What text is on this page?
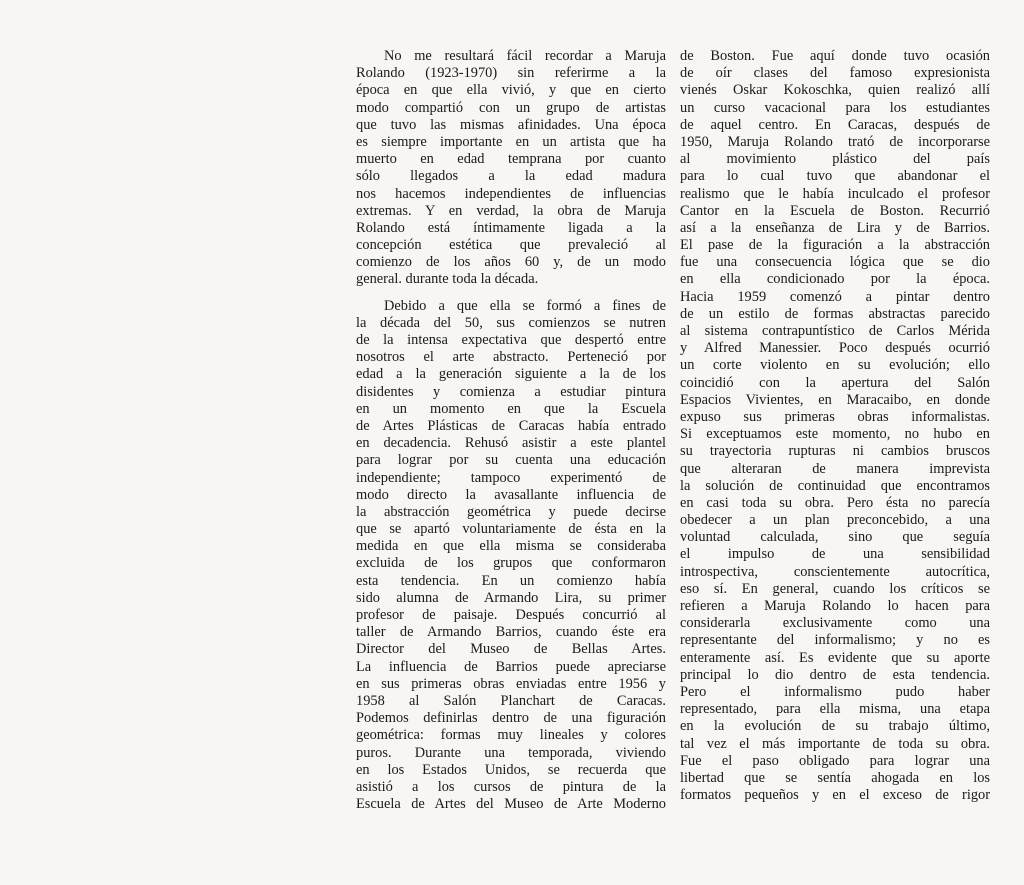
No me resultará fácil recordar a Maruja
Rolando (1923-1970) sin referirme a la
época en que ella vivió, y que en cierto
modo compartió con un grupo de artistas
que tuvo las mismas afinidades. Una época
es siempre importante en un artista que ha
muerto en edad temprana por cuanto
sólo llegados a la edad madura
nos hacemos independientes de influencias
extremas. Y en verdad, la obra de Maruja
Rolando está íntimamente ligada a la
concepción estética que prevaleció al
comienzo de los años 60 y, de un modo
general. durante toda la década.
Debido a que ella se formó a fines de
la década del 50, sus comienzos se nutren
de la intensa expectativa que despertó entre
nosotros el arte abstracto. Perteneció por
edad a la generación siguiente a la de los
disidentes y comienza a estudiar pintura
en un momento en que la Escuela
de Artes Plásticas de Caracas había entrado
en decadencia. Rehusó asistir a este plantel
para lograr por su cuenta una educación
independiente; tampoco experimentó de
modo directo la avasallante influencia de
la abstracción geométrica y puede decirse
que se apartó voluntariamente de ésta en la
medida en que ella misma se consideraba
excluida de los grupos que conformaron
esta tendencia. En un comienzo había
sido alumna de Armando Lira, su primer
profesor de paisaje. Después concurrió al
taller de Armando Barrios, cuando éste era
Director del Museo de Bellas Artes.
La influencia de Barrios puede apreciarse
en sus primeras obras enviadas entre 1956 y
1958 al Salón Planchart de Caracas.
Podemos definirlas dentro de una figuración
geométrica: formas muy lineales y colores
puros. Durante una temporada, viviendo
en los Estados Unidos, se recuerda que
asistió a los cursos de pintura de la
Escuela de Artes del Museo de Arte Moderno
de Boston. Fue aquí donde tuvo ocasión
de oír clases del famoso expresionista
vienés Oskar Kokoschka, quien realizó allí
un curso vacacional para los estudiantes
de aquel centro. En Caracas, después de
1950, Maruja Rolando trató de incorporarse
al movimiento plástico del país
para lo cual tuvo que abandonar el
realismo que le había inculcado el profesor
Cantor en la Escuela de Boston. Recurrió
así a la enseñanza de Lira y de Barrios.
El pase de la figuración a la abstracción
fue una consecuencia lógica que se dio
en ella condicionado por la época.
Hacia 1959 comenzó a pintar dentro
de un estilo de formas abstractas parecido
al sistema contrapuntístico de Carlos Mérida
y Alfred Manessier. Poco después ocurrió
un corte violento en su evolución; ello
coincidió con la apertura del Salón
Espacios Vivientes, en Maracaibo, en donde
expuso sus primeras obras informalistas.
Si exceptuamos este momento, no hubo en
su trayectoria rupturas ni cambios bruscos
que alteraran de manera imprevista
la solución de continuidad que encontramos
en casi toda su obra. Pero ésta no parecía
obedecer a un plan preconcebido, a una
voluntad calculada, sino que seguía
el impulso de una sensibilidad
introspectiva, conscientemente autocrítica,
eso sí. En general, cuando los críticos se
refieren a Maruja Rolando lo hacen para
considerarla exclusivamente como una
representante del informalismo; y no es
enteramente así. Es evidente que su aporte
principal lo dio dentro de esta tendencia.
Pero el informalismo pudo haber
representado, para ella misma, una etapa
en la evolución de su trabajo último,
tal vez el más importante de toda su obra.
Fue el paso obligado para lograr una
libertad que se sentía ahogada en los
formatos pequeños y en el exceso de rigor
